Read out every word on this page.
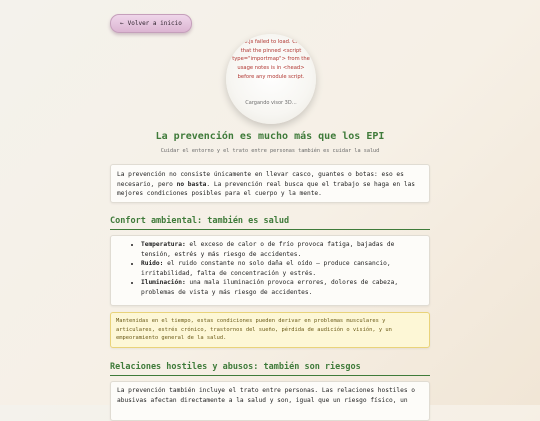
← Volver a inicio
three.js failed to load. Check that the pinned <script type="importmap"> from the usage notes is in <head> before any module script.
Cargando visor 3D…
La prevención es mucho más que los EPI

Cuidar el entorno y el trato entre personas también es cuidar la salud

La prevención no consiste únicamente en llevar casco, guantes o botas: eso es necesario, pero no basta. La prevención real busca que el trabajo se haga en las mejores condiciones posibles para el cuerpo y la mente.

Confort ambiental: también es salud
• Temperatura: el exceso de calor o de frío provoca fatiga, bajadas de tensión, estrés y más riesgo de accidentes.
• Ruido: el ruido constante no solo daña el oído — produce cansancio, irritabilidad, falta de concentración y estrés.
• Iluminación: una mala iluminación provoca errores, dolores de cabeza, problemas de vista y más riesgo de accidentes.

Mantenidas en el tiempo, estas condiciones pueden derivar en problemas musculares y articulares, estrés crónico, trastornos del sueño, pérdida de audición o visión, y un empeoramiento general de la salud.

Relaciones hostiles y abusos: también son riesgos

La prevención también incluye el trato entre personas. Las relaciones hostiles o abusivas afectan directamente a la salud y son, igual que un riesgo físico, un
